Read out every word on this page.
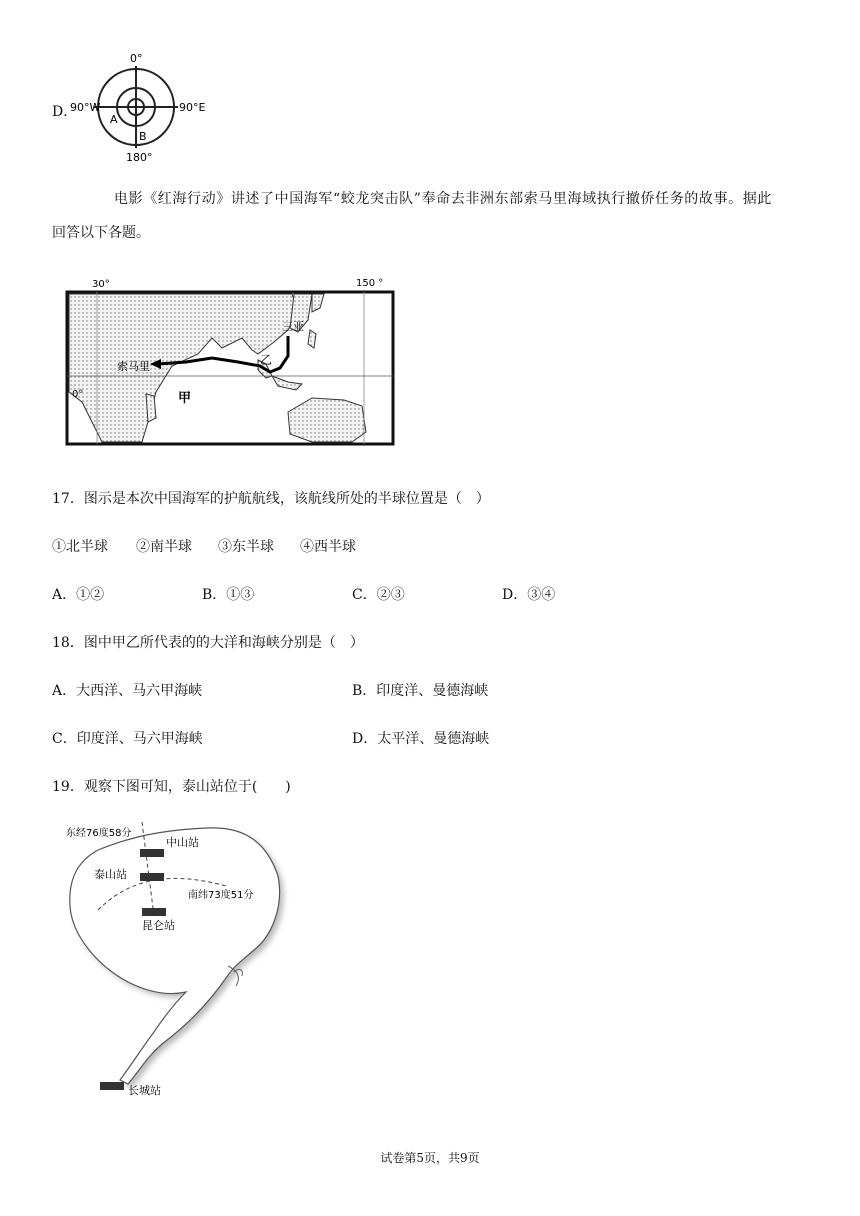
D．
0°
180°
90°W	90°E
A
B
电影《红海行动》讲述了中国海军“蛟龙突击队”奉命去非洲东部索马里海域执行撤侨任务的故事。据此
回答以下各题。
30°	150 °
0°
三亚
索马里	乙
甲
17．图示是本次中国海军的护航航线，该航线所处的半球位置是（　）
①北半球 ②南半球 ③东半球 ④西半球
A．①②	B．①③	C．②③	D．③④
18．图中甲乙所代表的的大洋和海峡分别是（　）
A．大西洋、马六甲海峡	B．印度洋、曼德海峡
C．印度洋、马六甲海峡	D．太平洋、曼德海峡
19．观察下图可知，泰山站位于(　　)
东经76度58分
中山站
泰山站
南纬73度51分
昆仑站
长城站
试卷第5页，共9页
